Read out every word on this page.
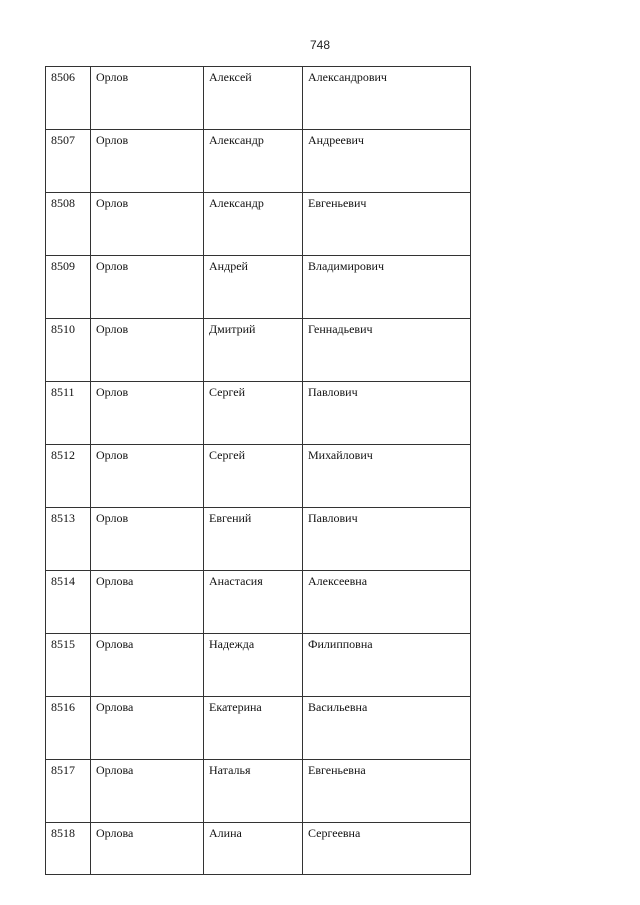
748
8506	Орлов	Алексей	Александрович
8507	Орлов	Александр	Андреевич
8508	Орлов	Александр	Евгеньевич
8509	Орлов	Андрей	Владимирович
8510	Орлов	Дмитрий	Геннадьевич
8511	Орлов	Сергей	Павлович
8512	Орлов	Сергей	Михайлович
8513	Орлов	Евгений	Павлович
8514	Орлова	Анастасия	Алексеевна
8515	Орлова	Надежда	Филипповна
8516	Орлова	Екатерина	Васильевна
8517	Орлова	Наталья	Евгеньевна
8518	Орлова	Алина	Сергеевна
